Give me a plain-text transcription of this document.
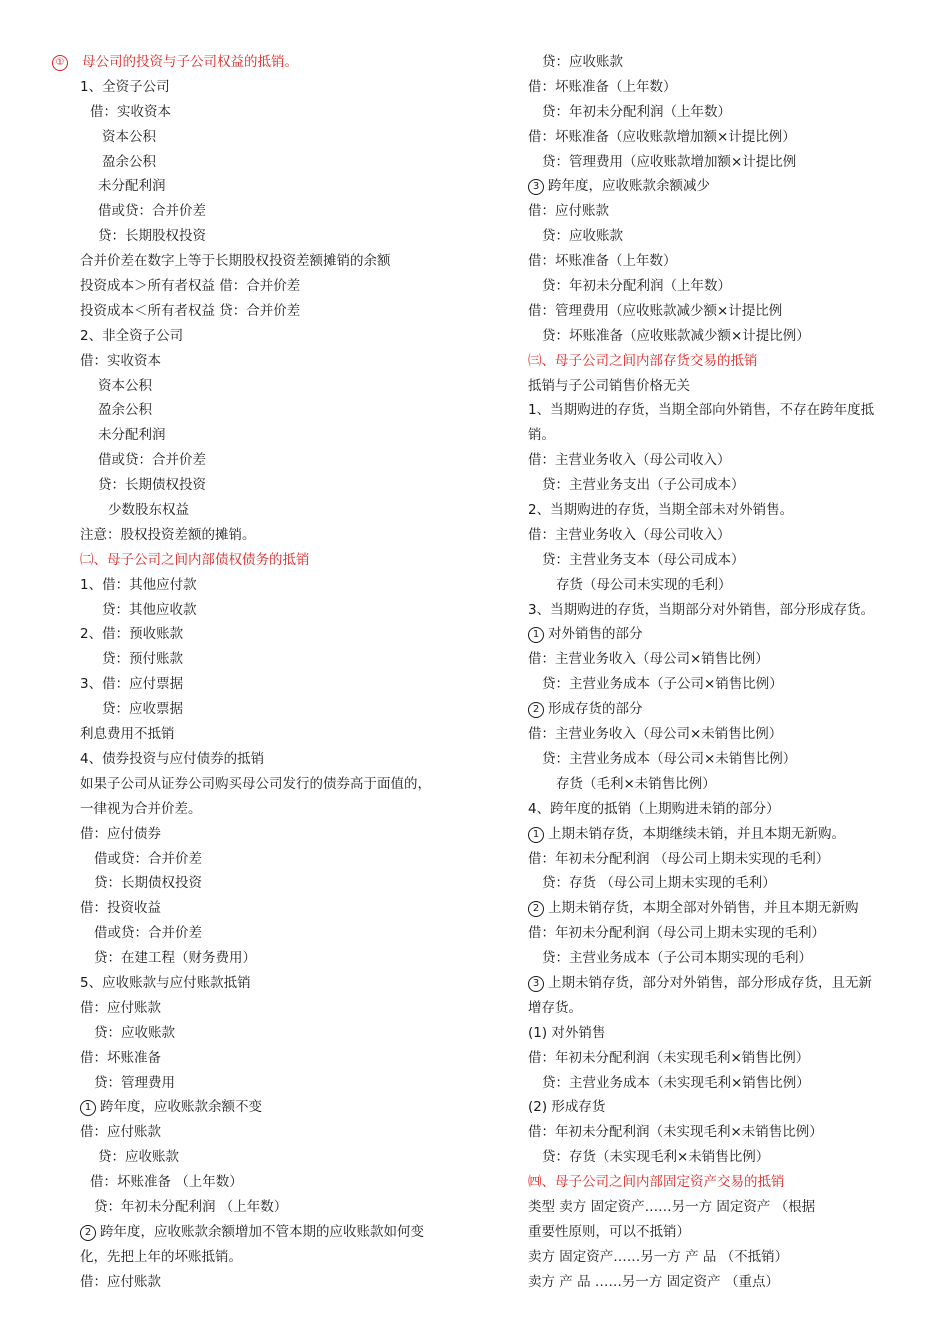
① 母公司的投资与子公司权益的抵销。
1、全资子公司
借：实收资本
资本公积
盈余公积
未分配利润
借或贷：合并价差
贷：长期股权投资
合并价差在数字上等于长期股权投资差额摊销的余额
投资成本＞所有者权益 借：合并价差
投资成本＜所有者权益 贷：合并价差
2、非全资子公司
借：实收资本
资本公积
盈余公积
未分配利润
借或贷：合并价差
贷：长期债权投资
少数股东权益
注意：股权投资差额的摊销。
㈡、母子公司之间内部债权债务的抵销
1、借：其他应付款
贷：其他应收款
2、借：预收账款
贷：预付账款
3、借：应付票据
贷：应收票据
利息费用不抵销
4、债券投资与应付债券的抵销
如果子公司从证券公司购买母公司发行的债券高于面值的，
一律视为合并价差。
借：应付债券
借或贷：合并价差
贷：长期债权投资
借：投资收益
借或贷：合并价差
贷：在建工程（财务费用）
5、应收账款与应付账款抵销
借：应付账款
贷：应收账款
借：坏账准备
贷：管理费用
1 跨年度，应收账款余额不变
借：应付账款
贷：应收账款
借：坏账准备 （上年数）
贷：年初未分配利润 （上年数）
2 跨年度，应收账款余额增加不管本期的应收账款如何变
化，先把上年的坏账抵销。
借：应付账款
贷：应收账款
借：坏账准备（上年数）
贷：年初未分配利润（上年数）
借：坏账准备（应收账款增加额×计提比例）
贷：管理费用（应收账款增加额×计提比例
3 跨年度，应收账款余额减少
借：应付账款
贷：应收账款
借：坏账准备（上年数）
贷：年初未分配利润（上年数）
借：管理费用（应收账款减少额×计提比例
贷：坏账准备（应收账款减少额×计提比例）
㈢、母子公司之间内部存货交易的抵销
抵销与子公司销售价格无关
1、当期购进的存货，当期全部向外销售，不存在跨年度抵
销。
借：主营业务收入（母公司收入）
贷：主营业务支出（子公司成本）
2、当期购进的存货，当期全部未对外销售。
借：主营业务收入（母公司收入）
贷：主营业务支本（母公司成本）
存货（母公司未实现的毛利）
3、当期购进的存货，当期部分对外销售，部分形成存货。
1 对外销售的部分
借：主营业务收入（母公司×销售比例）
贷：主营业务成本（子公司×销售比例）
2 形成存货的部分
借：主营业务收入（母公司×未销售比例）
贷：主营业务成本（母公司×未销售比例）
存货（毛利×未销售比例）
4、跨年度的抵销（上期购进未销的部分）
1 上期未销存货，本期继续未销，并且本期无新购。
借：年初未分配利润 （母公司上期未实现的毛利）
贷：存货 （母公司上期未实现的毛利）
2 上期未销存货，本期全部对外销售，并且本期无新购
借：年初未分配利润（母公司上期未实现的毛利）
贷：主营业务成本（子公司本期实现的毛利）
3 上期未销存货，部分对外销售，部分形成存货，且无新
增存货。
(1) 对外销售
借：年初未分配利润（未实现毛利×销售比例）
贷：主营业务成本（未实现毛利×销售比例）
(2) 形成存货
借：年初未分配利润（未实现毛利×未销售比例）
贷：存货（未实现毛利×未销售比例）
㈣、母子公司之间内部固定资产交易的抵销
类型 卖方 固定资产……另一方 固定资产 （根据
重要性原则，可以不抵销）
卖方 固定资产……另一方 产 品 （不抵销）
卖方 产 品 ……另一方 固定资产 （重点）
